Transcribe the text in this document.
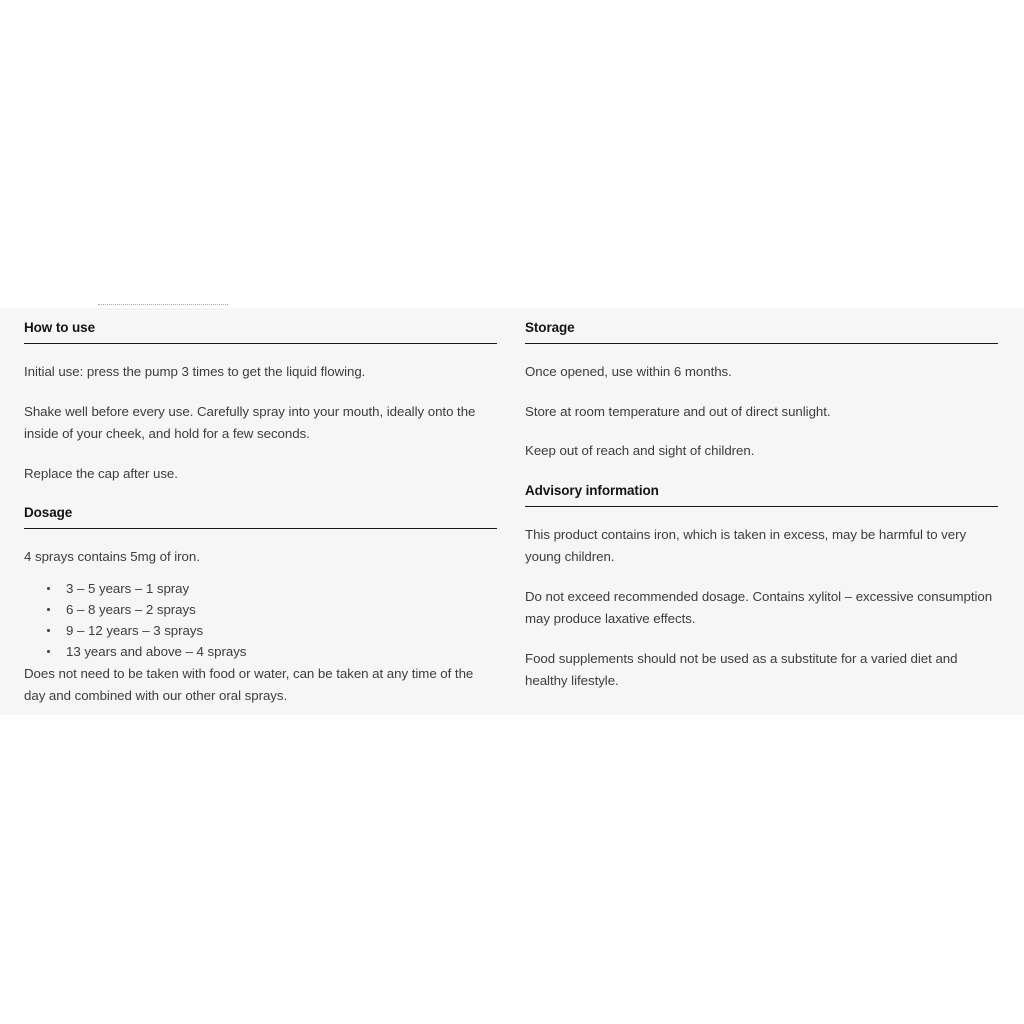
How to use

Initial use: press the pump 3 times to get the liquid flowing.

Shake well before every use. Carefully spray into your mouth, ideally onto the inside of your cheek, and hold for a few seconds.

Replace the cap after use.

Dosage

4 sprays contains 5mg of iron.

3 – 5 years – 1 spray
6 – 8 years – 2 sprays
9 – 12 years – 3 sprays
13 years and above – 4 sprays

Does not need to be taken with food or water, can be taken at any time of the day and combined with our other oral sprays.

Storage

Once opened, use within 6 months.

Store at room temperature and out of direct sunlight.

Keep out of reach and sight of children.

Advisory information

This product contains iron, which is taken in excess, may be harmful to very young children.

Do not exceed recommended dosage. Contains xylitol – excessive consumption may produce laxative effects.

Food supplements should not be used as a substitute for a varied diet and healthy lifestyle.
